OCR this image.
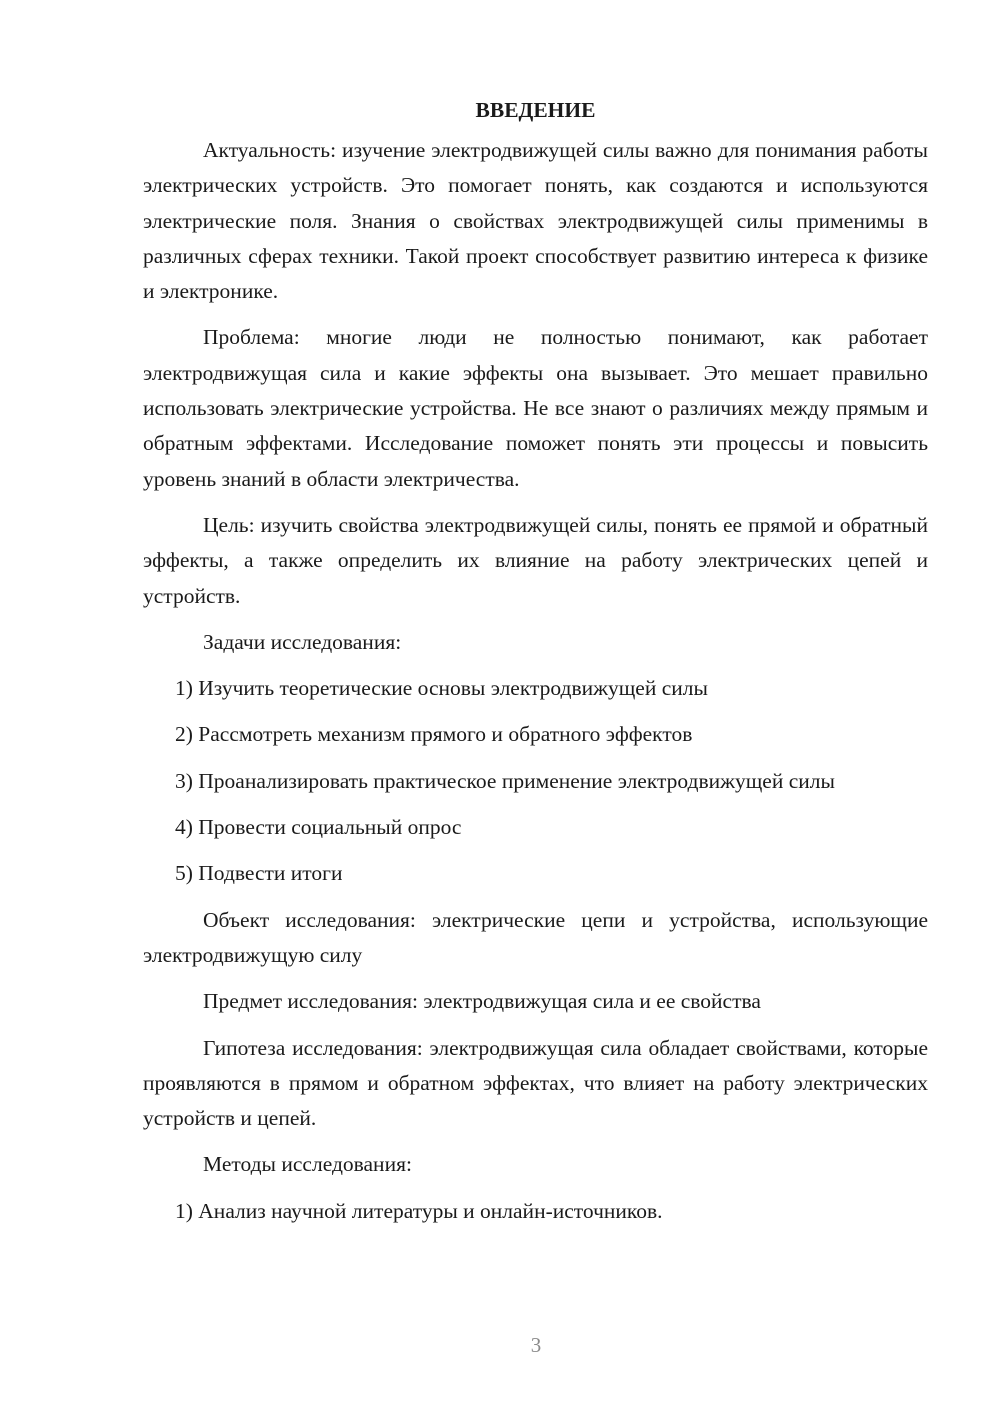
ВВЕДЕНИЕ

Актуальность: изучение электродвижущей силы важно для понимания работы электрических устройств. Это помогает понять, как создаются и используются электрические поля. Знания о свойствах электродвижущей силы применимы в различных сферах техники. Такой проект способствует развитию интереса к физике и электронике.

Проблема: многие люди не полностью понимают, как работает электродвижущая сила и какие эффекты она вызывает. Это мешает правильно использовать электрические устройства. Не все знают о различиях между прямым и обратным эффектами. Исследование поможет понять эти процессы и повысить уровень знаний в области электричества.

Цель: изучить свойства электродвижущей силы, понять ее прямой и обратный эффекты, а также определить их влияние на работу электрических цепей и устройств.

Задачи исследования:

1) Изучить теоретические основы электродвижущей силы

2) Рассмотреть механизм прямого и обратного эффектов

3) Проанализировать практическое применение электродвижущей силы

4) Провести социальный опрос

5) Подвести итоги

Объект исследования: электрические цепи и устройства, использующие электродвижущую силу

Предмет исследования: электродвижущая сила и ее свойства

Гипотеза исследования: электродвижущая сила обладает свойствами, которые проявляются в прямом и обратном эффектах, что влияет на работу электрических устройств и цепей.

Методы исследования:

1) Анализ научной литературы и онлайн-источников.

3
